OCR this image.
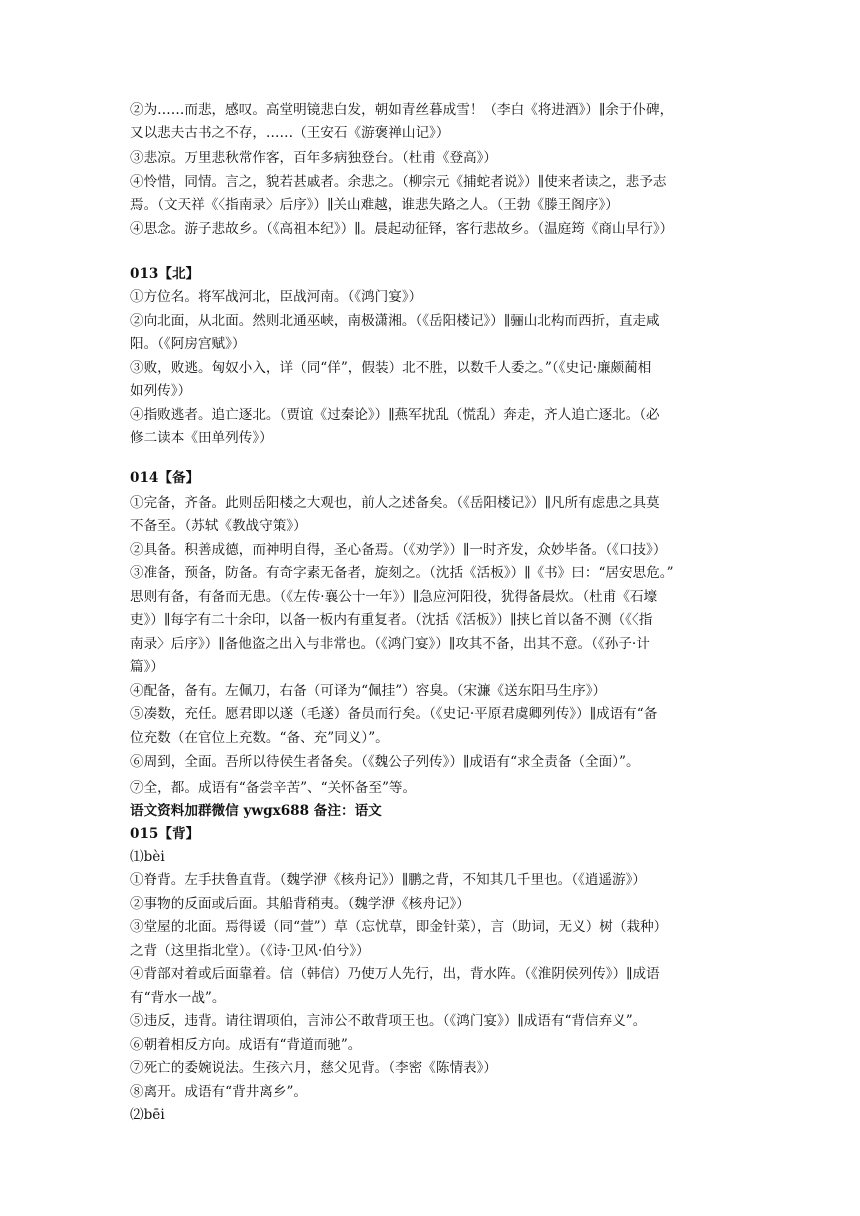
②为……而悲，感叹。高堂明镜悲白发，朝如青丝暮成雪！（李白《将进酒》）∥余于仆碑，
又以悲夫古书之不存，……（王安石《游褒禅山记》）
③悲凉。万里悲秋常作客，百年多病独登台。（杜甫《登高》）
④怜惜，同情。言之，貌若甚戚者。余悲之。（柳宗元《捕蛇者说》）∥使来者读之，悲予志
焉。（文天祥《〈指南录〉后序》）∥关山难越，谁悲失路之人。（王勃《滕王阁序》）
④思念。游子悲故乡。（《高祖本纪》）∥。晨起动征铎，客行悲故乡。（温庭筠《商山早行》）
013【北】
①方位名。将军战河北，臣战河南。（《鸿门宴》）
②向北面，从北面。然则北通巫峡，南极潇湘。（《岳阳楼记》）∥骊山北构而西折，直走咸
阳。（《阿房宫赋》）
③败，败逃。匈奴小入，详（同“佯”，假装）北不胜，以数千人委之。”（《史记·廉颇蔺相
如列传》）
④指败逃者。追亡逐北。（贾谊《过秦论》）∥燕军扰乱（慌乱）奔走，齐人追亡逐北。（必
修二读本《田单列传》）
014【备】
①完备，齐备。此则岳阳楼之大观也，前人之述备矣。（《岳阳楼记》）∥凡所有虑患之具莫
不备至。（苏轼《教战守策》）
②具备。积善成德，而神明自得，圣心备焉。（《劝学》）∥一时齐发，众妙毕备。（《口技》）
③准备，预备，防备。有奇字素无备者，旋刻之。（沈括《活板》）∥《书》曰：“居安思危。”
思则有备，有备而无患。（《左传·襄公十一年》）∥急应河阳役，犹得备晨炊。（杜甫《石壕
吏》）∥每字有二十余印，以备一板内有重复者。（沈括《活板》）∥挟匕首以备不测（《〈指
南录〉后序》）∥备他盗之出入与非常也。（《鸿门宴》）∥攻其不备，出其不意。（《孙子·计
篇》）
④配备，备有。左佩刀，右备（可译为“佩挂”）容臭。（宋濂《送东阳马生序》）
⑤凑数，充任。愿君即以遂（毛遂）备员而行矣。（《史记·平原君虞卿列传》）∥成语有“备
位充数（在官位上充数。“备、充”同义）”。
⑥周到，全面。吾所以待侯生者备矣。（《魏公子列传》）∥成语有“求全责备（全面）”。
⑦全，都。成语有“备尝辛苦”、“关怀备至”等。
语文资料加群微信 ywgx688 备注：语文
015【背】
⑴bèi
①脊背。左手扶鲁直背。（魏学洢《核舟记》）∥鹏之背，不知其几千里也。（《逍遥游》）
②事物的反面或后面。其船背稍夷。（魏学洢《核舟记》）
③堂屋的北面。焉得谖（同“萱”）草（忘忧草，即金针菜），言（助词，无义）树（栽种）
之背（这里指北堂）。（《诗·卫风·伯兮》）
④背部对着或后面靠着。信（韩信）乃使万人先行，出，背水阵。（《淮阴侯列传》）∥成语
有“背水一战”。
⑤违反，违背。请往谓项伯，言沛公不敢背项王也。（《鸿门宴》）∥成语有“背信弃义”。
⑥朝着相反方向。成语有“背道而驰”。
⑦死亡的委婉说法。生孩六月，慈父见背。（李密《陈情表》）
⑧离开。成语有“背井离乡”。
⑵bēi
